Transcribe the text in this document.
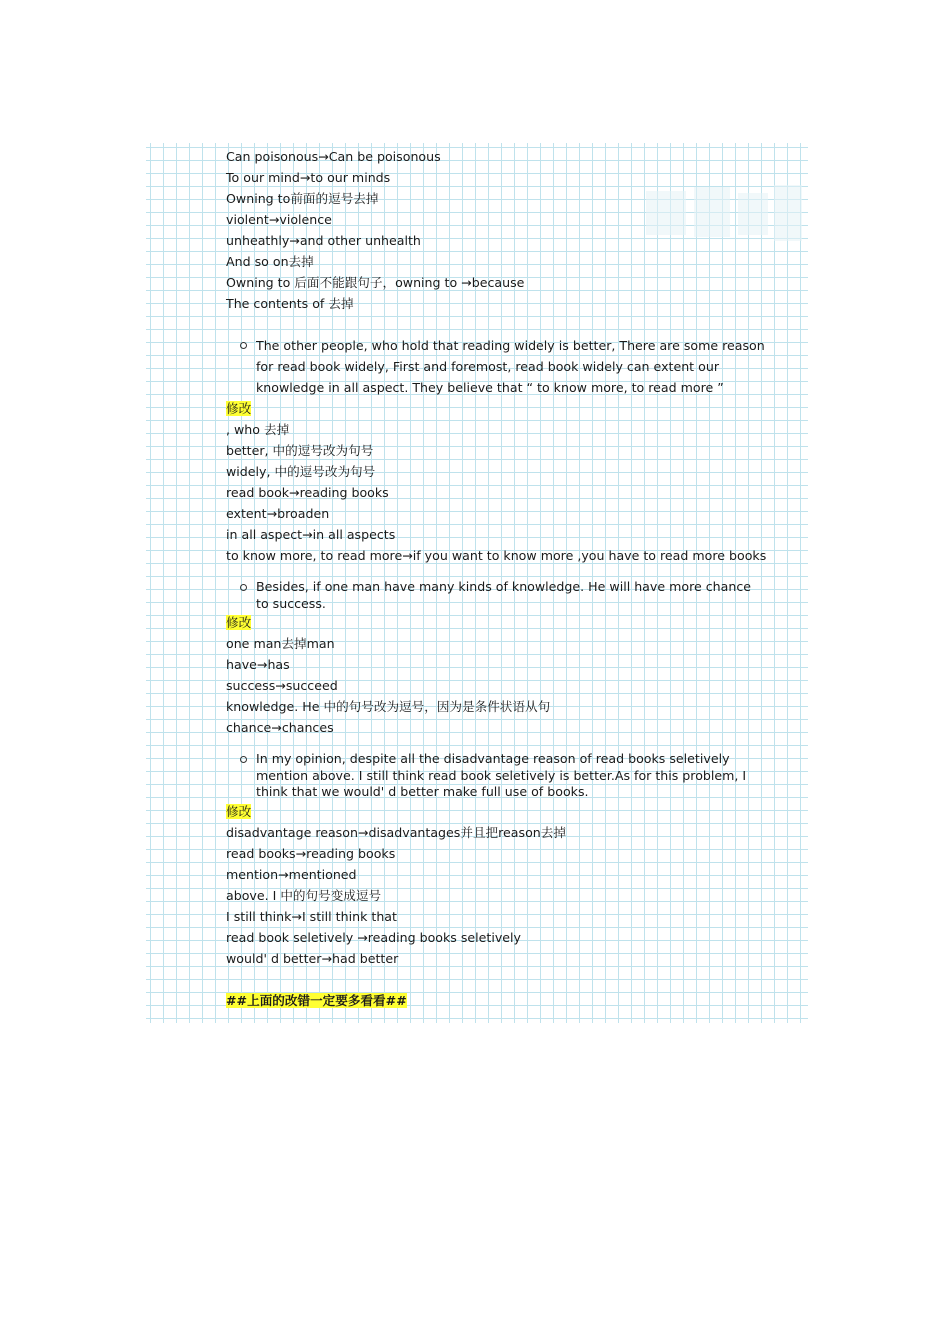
Can poisonous→Can be poisonous
To our mind→to our minds
Owning to前面的逗号去掉
violent→violence
unheathly→and other unhealth
And so on去掉
Owning to 后面不能跟句子，owning to →because
The contents of 去掉

The other people, who hold that reading widely is better, There are some reason for read book widely, First and foremost, read book widely can extent our knowledge in all aspect. They believe that “ to know more, to read more ”

修改
, who 去掉
better, 中的逗号改为句号
widely, 中的逗号改为句号
read book→reading books
extent→broaden
in all aspect→in all aspects
to know more, to read more→if you want to know more ,you have to read more books

Besides, if one man have many kinds of knowledge. He will have more chance to success.

修改
one man去掉man
have→has
success→succeed
knowledge. He 中的句号改为逗号，因为是条件状语从句
chance→chances

In my opinion, despite all the disadvantage reason of read books seletively mention above. I still think read book seletively is better.As for this problem, I think that we would' d better make full use of books.

修改
disadvantage reason→disadvantages并且把reason去掉
read books→reading books
mention→mentioned
above. I 中的句号变成逗号
I still think→I still think that
read book seletively →reading books seletively
would' d better→had better
##上面的改错一定要多看看##
